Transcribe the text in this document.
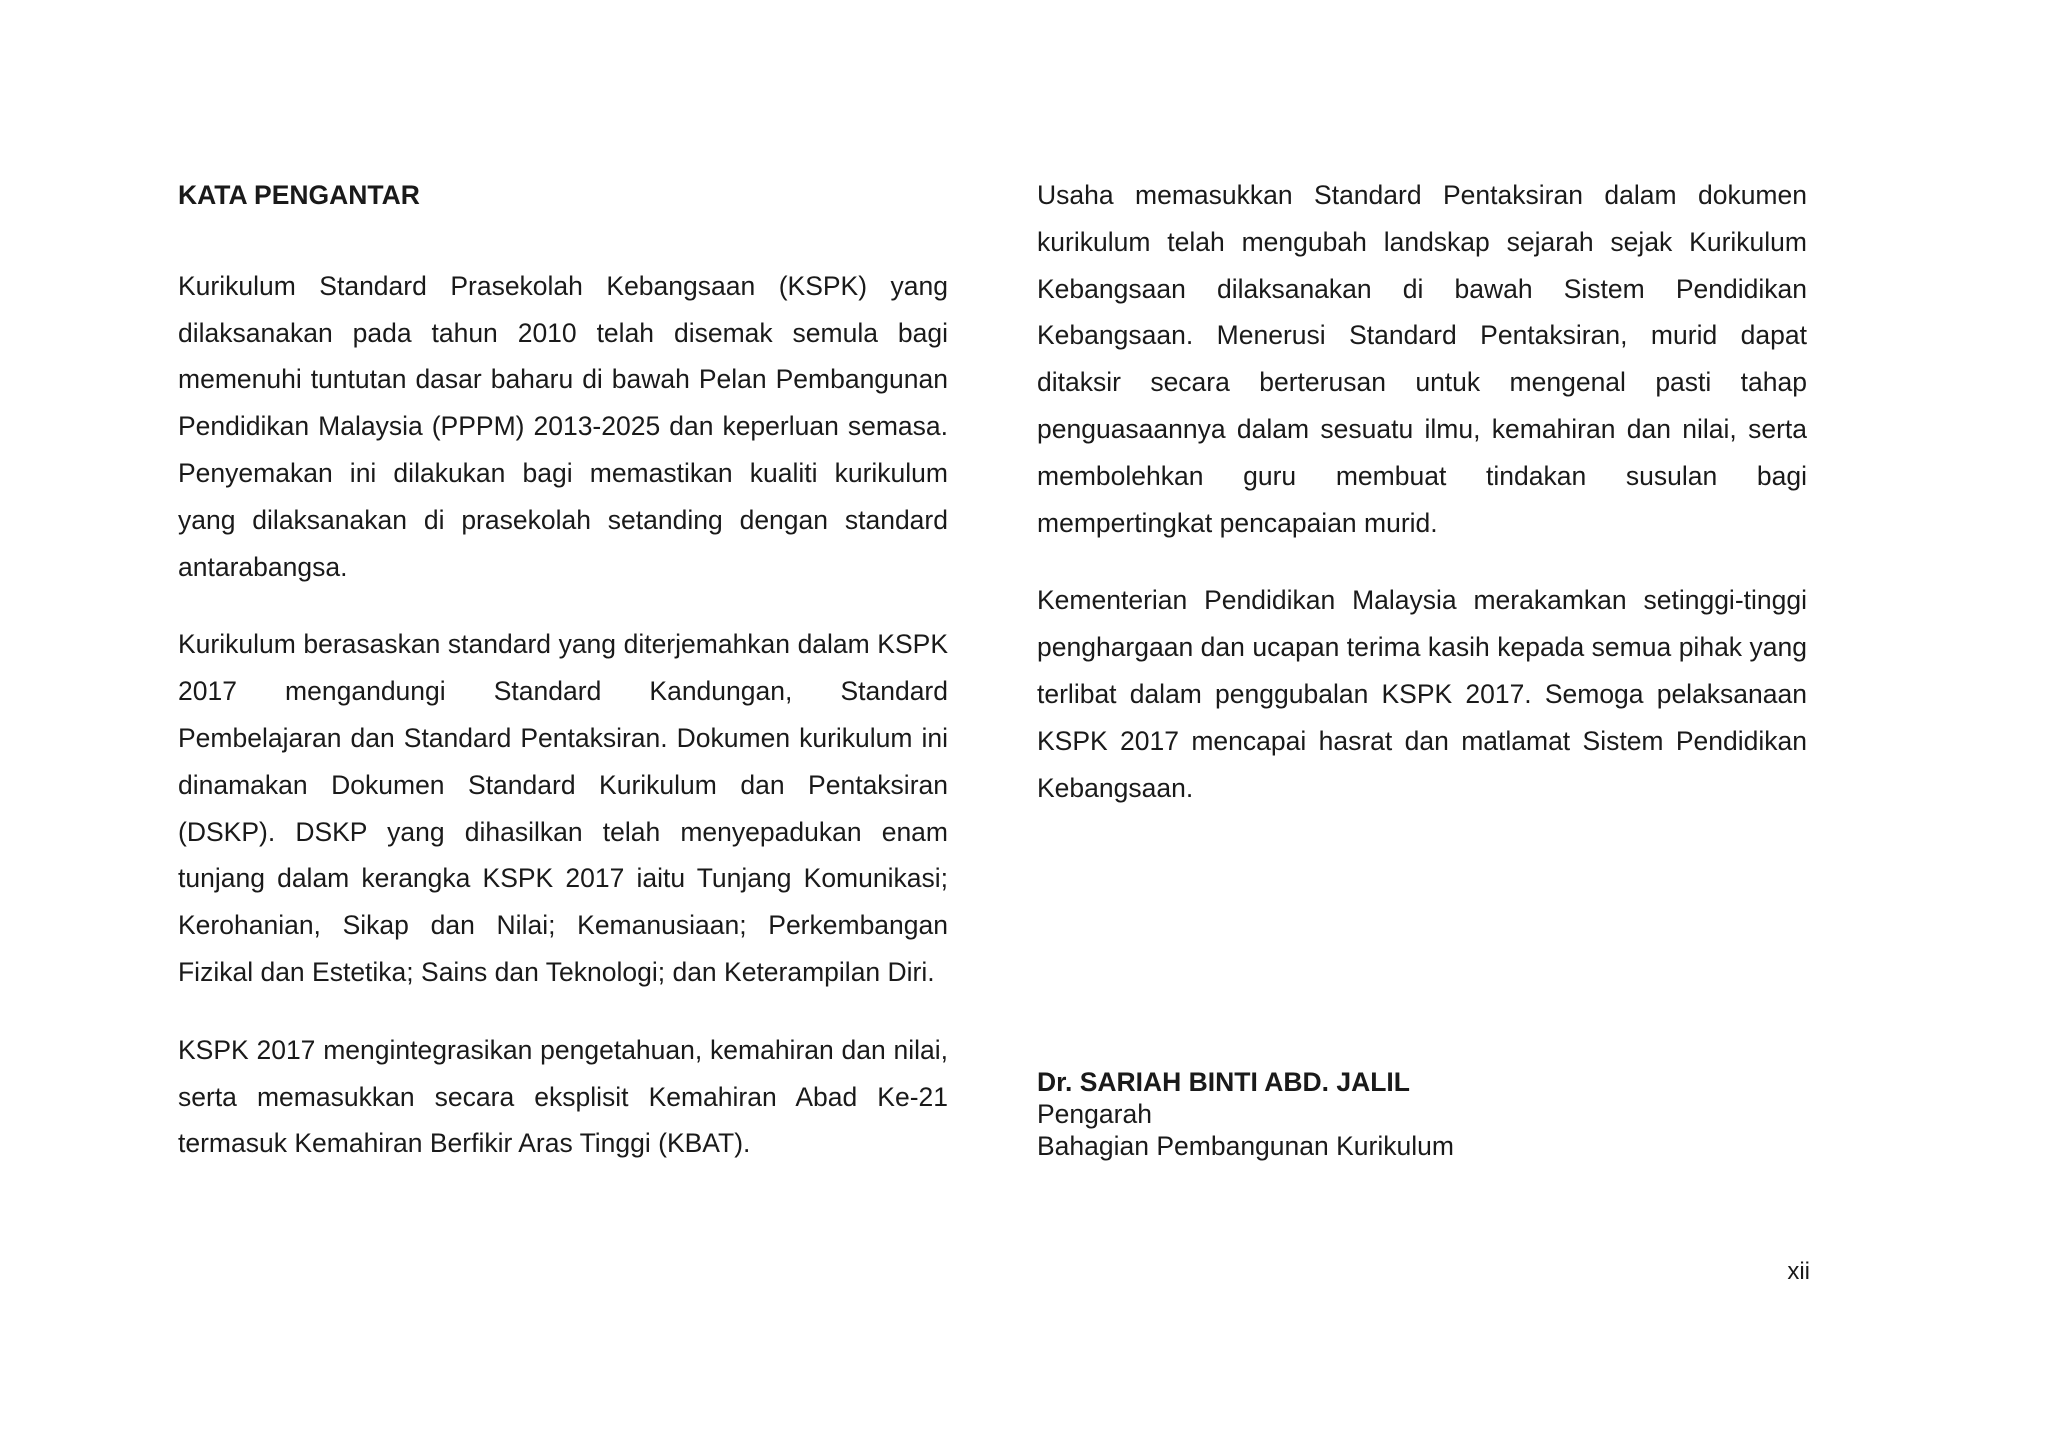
KATA PENGANTAR

Kurikulum Standard Prasekolah Kebangsaan (KSPK) yang dilaksanakan pada tahun 2010 telah disemak semula bagi memenuhi tuntutan dasar baharu di bawah Pelan Pembangunan Pendidikan Malaysia (PPPM) 2013-2025 dan keperluan semasa. Penyemakan ini dilakukan bagi memastikan kualiti kurikulum yang dilaksanakan di prasekolah setanding dengan standard antarabangsa.

Kurikulum berasaskan standard yang diterjemahkan dalam KSPK 2017 mengandungi Standard Kandungan, Standard Pembelajaran dan Standard Pentaksiran. Dokumen kurikulum ini dinamakan Dokumen Standard Kurikulum dan Pentaksiran (DSKP). DSKP yang dihasilkan telah menyepadukan enam tunjang dalam kerangka KSPK 2017 iaitu Tunjang Komunikasi; Kerohanian, Sikap dan Nilai; Kemanusiaan; Perkembangan Fizikal dan Estetika; Sains dan Teknologi; dan Keterampilan Diri.

KSPK 2017 mengintegrasikan pengetahuan, kemahiran dan nilai, serta memasukkan secara eksplisit Kemahiran Abad Ke-21 termasuk Kemahiran Berfikir Aras Tinggi (KBAT).

Usaha memasukkan Standard Pentaksiran dalam dokumen kurikulum telah mengubah landskap sejarah sejak Kurikulum Kebangsaan dilaksanakan di bawah Sistem Pendidikan Kebangsaan. Menerusi Standard Pentaksiran, murid dapat ditaksir secara berterusan untuk mengenal pasti tahap penguasaannya dalam sesuatu ilmu, kemahiran dan nilai, serta membolehkan guru membuat tindakan susulan bagi mempertingkat pencapaian murid.

Kementerian Pendidikan Malaysia merakamkan setinggi-tinggi penghargaan dan ucapan terima kasih kepada semua pihak yang terlibat dalam penggubalan KSPK 2017. Semoga pelaksanaan KSPK 2017 mencapai hasrat dan matlamat Sistem Pendidikan Kebangsaan.

Dr. SARIAH BINTI ABD. JALIL
Pengarah
Bahagian Pembangunan Kurikulum
xii
